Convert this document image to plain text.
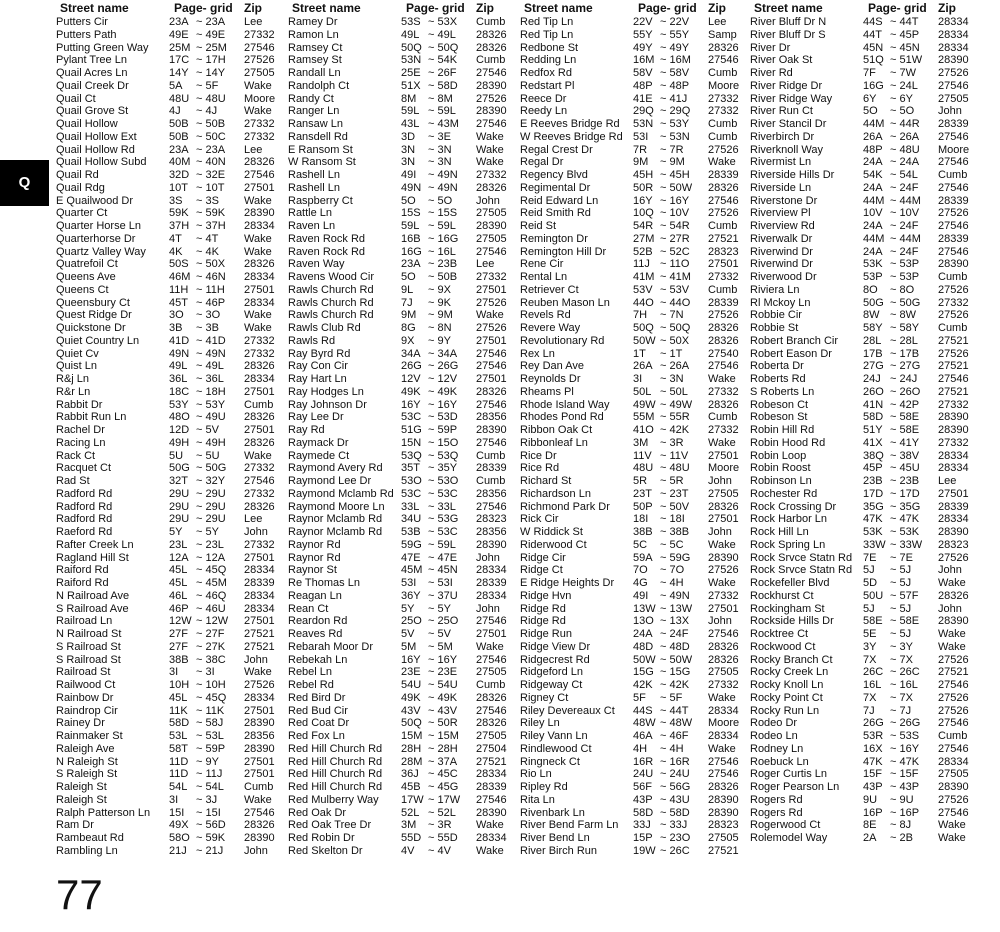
Street name	Page- grid Zip
Putters Cir	23A ~ 23A Lee
Putters Path	49E ~ 49E 27332
Putting Green Way 25M ~ 25M 27546
Pylant Tree Ln	17C ~ 17H 27526
Quail Acres Ln	14Y ~ 14Y 27505
Quail Creek Dr	5A ~ 5F Wake
Quail Ct	48U ~ 48U Moore
Quail Grove St	4J ~ 4J Wake
Quail Hollow	50B ~ 50B 27332
Quail Hollow Ext	50B ~ 50C 27332
Quail Hollow Rd	23A ~ 23A Lee
Quail Hollow Subd 40M ~ 40N 28326
Quail Rd	32D ~ 32E 27546
Quail Rdg	10T ~ 10T 27501
E Quailwood Dr	3S ~ 3S Wake
Quarter Ct	59K ~ 59K 28390
Quarter Horse Ln	37H ~ 37H 28334
Quarterhorse Dr	4T ~ 4T Wake
Quartz Valley Way 4K ~ 4K Wake
Quatrefoil Ct	50S ~ 50X 28326
Queens Ave	46M ~ 46N 28334
Queens Ct	11H ~ 11H 27501
Queensbury Ct	45T ~ 46P 28334
Quest Ridge Dr	3O ~ 3O Wake
Quickstone Dr	3B ~ 3B Wake
Quiet Country Ln	41D ~ 41D 27332
Quiet Cv	49N ~ 49N 27332
Quist Ln	49L ~ 49L 28326
R&j Ln	36L ~ 36L 28334
R&r Ln	18C ~ 18H 27501
Rabbit Dr	53Y ~ 53Y Cumb
Rabbit Run Ln	48O ~ 49U 28326
Rachel Dr	12D ~ 5V 27501
Racing Ln	49H ~ 49H 28326
Rack Ct	5U ~ 5U Wake
Racquet Ct	50G ~ 50G 27332
Rad St	32T ~ 32Y 27546
Radford Rd	29U ~ 29U 27332
Radford Rd	29U ~ 29U 28326
Radford Rd	29U ~ 29U Lee
Raeford Rd	5Y ~ 5Y John
Rafter Creek Ln	23L ~ 23L 27332
Ragland Hill St	12A ~ 12A 27501
Raiford Rd	45L ~ 45Q 28334
Raiford Rd	45L ~ 45M 28339
N Railroad Ave	46L ~ 46Q 28334
S Railroad Ave	46P ~ 46U 28334
Railroad Ln	12W ~ 12W 27501
N Railroad St	27F ~ 27F 27521
S Railroad St	27F ~ 27K 27521
S Railroad St	38B ~ 38C John
Railroad St	3I ~ 3I	Wake
Railwood Ct	10H ~ 10H 27526
Rainbow Dr	45L ~ 45Q 28334
Raindrop Cir	11K ~ 11K 27501
Rainey Dr	58D ~ 58J 28390
Rainmaker St	53L ~ 53L 28356
Raleigh Ave	58T ~ 59P 28390
N Raleigh St	11D ~ 9Y 27501
S Raleigh St	11D ~ 11J 27501
Raleigh St	54L ~ 54L Cumb
Raleigh St	3I ~ 3J Wake
Ralph Patterson Ln 15I ~ 15I 27546
Ram Dr	49X ~ 56D 28326
Rambeaut Rd	58O ~ 59K 28390
Rambling Ln	21J ~ 21J John
Street name	Page- grid Zip
Ramey Dr	53S ~ 53X Cumb
Ramon Ln	49L ~ 49L 28326
Ramsey Ct	50Q ~ 50Q 28326
Ramsey St	53N ~ 54K Cumb
Randall Ln	25E ~ 26F 27546
Randolph Ct	51X ~ 58D 28390
Randy Ct	8M ~ 8M 27526
Ranger Ln	59L ~ 59L 28390
Ransaw Ln	43L ~ 43M 27546
Ransdell Rd	3D ~ 3E Wake
E Ransom St	3N ~ 3N Wake
W Ransom St	3N ~ 3N Wake
Rashell Ln	49I ~ 49N 27332
Rashell Ln	49N ~ 49N 28326
Raspberry Ct	5O ~ 5O John
Rattle Ln	15S ~ 15S 27505
Raven Ln	59L ~ 59L 28390
Raven Rock Rd	16B ~ 16G 27505
Raven Rock Rd	16G ~ 16L 27546
Raven Way	23A ~ 23B Lee
Ravens Wood Cir 5O ~ 50B 27332
Rawls Church Rd 9L ~ 9X 27501
Rawls Church Rd 7J ~ 9K 27526
Rawls Church Rd 9M ~ 9M Wake
Rawls Club Rd	8G ~ 8N 27526
Rawls Rd	9X ~ 9Y 27501
Ray Byrd Rd	34A ~ 34A 27546
Ray Con Cir	26G ~ 26G 27546
Ray Hart Ln	12V ~ 12V 27501
Ray Hodges Ln	49K ~ 49K 28326
Ray Johnson Dr	16Y ~ 16Y 27546
Ray Lee Dr	53C ~ 53D 28356
Ray Rd	51G ~ 59P 28390
Raymack Dr	15N ~ 15O 27546
Raymede Ct	53Q ~ 53Q Cumb
Raymond Avery Rd 35T ~ 35Y 28339
Raymond Lee Dr	53O ~ 53O Cumb
Raymond Mclamb Rd 53C ~ 53C 28356
Raymond Moore Ln 33L ~ 33L 27546
Raynor Mclamb Rd 34U ~ 53G 28323
Raynor Mclamb Rd 53B ~ 53C 28356
Raynor Rd	59G ~ 59L 28390
Raynor Rd	47E ~ 47E John
Raynor St	45M ~ 45N 28334
Re Thomas Ln	53I ~ 53I 28339
Reagan Ln	36Y ~ 37U 28334
Rean Ct	5Y ~ 5Y John
Reardon Rd	25O ~ 25O 27546
Reaves Rd	5V ~ 5V 27501
Rebarah Moor Dr	5M ~ 5M Wake
Rebekah Ln	16Y ~ 16Y 27546
Rebel Ln	23E ~ 23E 27505
Rebel Rd	54U ~ 54U Cumb
Red Bird Dr	49K ~ 49K 28326
Red Bud Cir	43V ~ 43V 27546
Red Coat Dr	50Q ~ 50R 28326
Red Fox Ln	15M ~ 15M 27505
Red Hill Church Rd 28H ~ 28H 27504
Red Hill Church Rd 28M ~ 37A 27521
Red Hill Church Rd 36J ~ 45C 28334
Red Hill Church Rd 45B ~ 45G 28339
Red Mulberry Way 17W ~ 17W 27546
Red Oak Dr	52L ~ 52L 28390
Red Oak Tree Dr	3M ~ 3R Wake
Red Robin Dr	55D ~ 55D 28334
Red Skelton Dr	4V ~ 4V Wake
Street name	Page- grid Zip
Red Tip Ln	22V ~ 22V Lee
Red Tip Ln	55Y ~ 55Y Samp
Redbone St	49Y ~ 49Y 28326
Redding Ln	16M ~ 16M 27546
Redfox Rd	58V ~ 58V Cumb
Redstart Pl	48P ~ 48P Moore
Reece Dr	41E ~ 41J 27332
Reedy Ln	29Q ~ 29Q 27332
E Reeves Bridge Rd 53N ~ 53Y Cumb
W Reeves Bridge Rd 53I ~ 53N Cumb
Regal Crest Dr	7R ~ 7R 27526
Regal Dr	9M ~ 9M Wake
Regency Blvd	45H ~ 45H 28339
Regimental Dr	50R ~ 50W 28326
Reid Edward Ln	16Y ~ 16Y 27546
Reid Smith Rd	10Q ~ 10V 27526
Reid St	54R ~ 54R Cumb
Remington Dr	27M ~ 27R 27521
Remington Hill Dr 52B ~ 52C 28323
Rene Cir	11J ~ 11O 27501
Rental Ln	41M ~ 41M 27332
Retriever Ct	53V ~ 53V Cumb
Reuben Mason Ln 44O ~ 44O 28339
Revels Rd	7H ~ 7N 27526
Revere Way	50Q ~ 50Q 28326
Revolutionary Rd	50W ~ 50X 28326
Rex Ln	1T ~ 1T 27540
Rey Dan Ave	26A ~ 26A 27546
Reynolds Dr	3I ~ 3N Wake
Rheams Pl	50L ~ 50L 27332
Rhode Island Way 49W ~ 49W 28326
Rhodes Pond Rd	55M ~ 55R Cumb
Ribbon Oak Ct	41O ~ 42K 27332
Ribbonleaf Ln	3M ~ 3R Wake
Rice Dr	11V ~ 11V 27501
Rice Rd	48U ~ 48U Moore
Richard St	5R ~ 5R John
Richardson Ln	23T ~ 23T 27505
Richmond Park Dr 50P ~ 50V 28326
Rick Cir	18I ~ 18I 27501
W Riddick St	38B ~ 38B John
Riderwood Ct	5C ~ 5C Wake
Ridge Cir	59A ~ 59G 28390
Ridge Ct	7O ~ 7O 27526
E Ridge Heights Dr 4G ~ 4H Wake
Ridge Hvn	49I ~ 49N 27332
Ridge Rd	13W ~ 13W 27501
Ridge Rd	13O ~ 13X John
Ridge Run	24A ~ 24F 27546
Ridge View Dr	48D ~ 48D 28326
Ridgecrest Rd	50W ~ 50W 28326
Ridgeford Ln	15G ~ 15G 27505
Ridgeway Ct	42K ~ 42K 27332
Rigney Ct	5F ~ 5F Wake
Riley Devereaux Ct 44S ~ 44T 28334
Riley Ln	48W ~ 48W Moore
Riley Vann Ln	46A ~ 46F 28334
Rindlewood Ct	4H ~ 4H Wake
Ringneck Ct	16R ~ 16R 27546
Rio Ln	24U ~ 24U 27546
Ripley Rd	56F ~ 56G 28326
Rita Ln	43P ~ 43U 28390
Rivenbark Ln	58D ~ 58D 28390
River Bend Farm Ln 33J ~ 33J 28323
River Bend Ln	15P ~ 23O 27505
River Birch Run	19W ~ 26C 27521
Street name	Page- grid Zip
River Bluff Dr N	44S ~ 44T 28334
River Bluff Dr S	44T ~ 45P 28334
River Dr	45N ~ 45N 28334
River Oak St	51Q ~ 51W 28390
River Rd	7F ~ 7W 27526
River Ridge Dr	16G ~ 24L 27546
River Ridge Way	6Y ~ 6Y 27505
River Run Ct	5O ~ 5O John
River Stancil Dr	44M ~ 44R 28339
Riverbirch Dr	26A ~ 26A 27546
Riverknoll Way	48P ~ 48U Moore
Rivermist Ln	24A ~ 24A 27546
Riverside Hills Dr	54K ~ 54L Cumb
Riverside Ln	24A ~ 24F 27546
Riverstone Dr	44M ~ 44M 28339
Riverview Pl	10V ~ 10V 27526
Riverview Rd	24A ~ 24F 27546
Riverwalk Dr	44M ~ 44M 28339
Riverwind Dr	24A ~ 24F 27546
Riverwind Dr	53K ~ 53P 28390
Riverwood Dr	53P ~ 53P Cumb
Riviera Ln	8O ~ 8O 27526
Rl Mckoy Ln	50G ~ 50G 27332
Robbie Cir	8W ~ 8W 27526
Robbie St	58Y ~ 58Y Cumb
Robert Branch Cir 28L ~ 28L 27521
Robert Eason Dr	17B ~ 17B 27526
Roberta Dr	27G ~ 27G 27521
Roberts Rd	24J ~ 24J 27546
S Roberts Ln	26O ~ 26O 27521
Robeson Ct	41N ~ 42P 27332
Robeson St	58D ~ 58E 28390
Robin Hill Rd	51Y ~ 58E 28390
Robin Hood Rd	41X ~ 41Y 27332
Robin Loop	38Q ~ 38V 28334
Robin Roost	45P ~ 45U 28334
Robinson Ln	23B ~ 23B Lee
Rochester Rd	17D ~ 17D 27501
Rock Crossing Dr 35G ~ 35G 28339
Rock Harbor Ln	47K ~ 47K 28334
Rock Hill Ln	53K ~ 53K 28390
Rock Spring Ln	33W ~ 33W 28323
Rock Srvce Statn Rd 7E ~ 7E 27526
Rock Srvce Statn Rd 5J ~ 5J John
Rockefeller Blvd	5D ~ 5J Wake
Rockhurst Ct	50U ~ 57F 28326
Rockingham St	5J ~ 5J John
Rockside Hills Dr	58E ~ 58E 28390
Rocktree Ct	5E ~ 5J Wake
Rockwood Ct	3Y ~ 3Y Wake
Rocky Branch Ct	7X ~ 7X 27526
Rocky Creek Ln	26C ~ 26C 27521
Rocky Knoll Ln	16L ~ 16L 27546
Rocky Point Ct	7X ~ 7X 27526
Rocky Run Ln	7J ~ 7J 27526
Rodeo Dr	26G ~ 26G 27546
Rodeo Ln	53R ~ 53S Cumb
Rodney Ln	16X ~ 16Y 27546
Roebuck Ln	47K ~ 47K 28334
Roger Curtis Ln	15F ~ 15F 27505
Roger Pearson Ln 43P ~ 43P 28390
Rogers Rd	9U ~ 9U 27526
Rogers Rd	16P ~ 16P 27546
Rogerwood Ct	8E ~ 8J Wake
Rolemodel Way	2A ~ 2B Wake
Q
77
